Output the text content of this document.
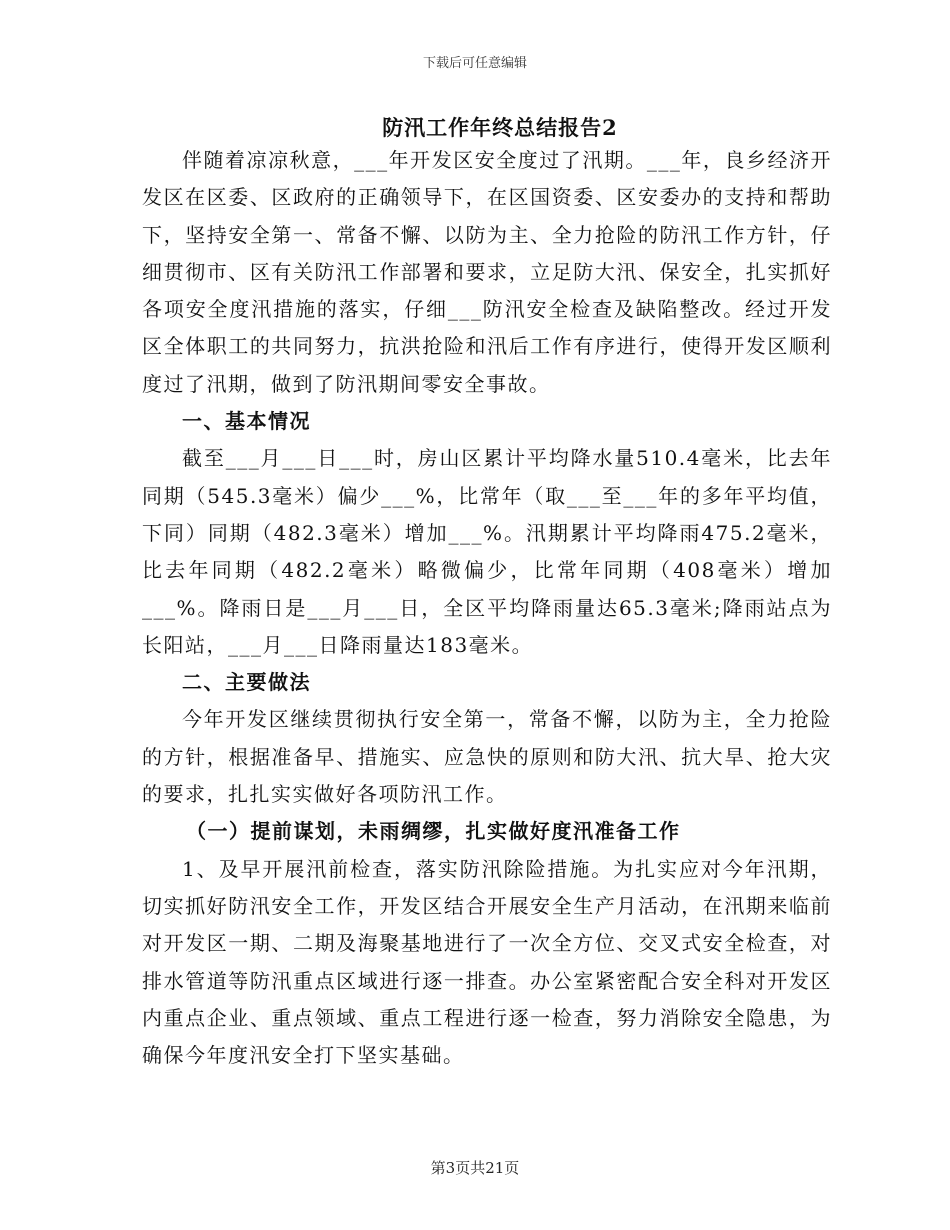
下载后可任意编辑
防汛工作年终总结报告2

伴随着凉凉秋意，___年开发区安全度过了汛期。___年，良乡经济开发区在区委、区政府的正确领导下，在区国资委、区安委办的支持和帮助下，坚持安全第一、常备不懈、以防为主、全力抢险的防汛工作方针，仔细贯彻市、区有关防汛工作部署和要求，立足防大汛、保安全，扎实抓好各项安全度汛措施的落实，仔细___防汛安全检查及缺陷整改。经过开发区全体职工的共同努力，抗洪抢险和汛后工作有序进行，使得开发区顺利度过了汛期，做到了防汛期间零安全事故。

一、基本情况

截至___月___日___时，房山区累计平均降水量510.4毫米，比去年同期（545.3毫米）偏少___%，比常年（取___至___年的多年平均值，下同）同期（482.3毫米）增加___%。汛期累计平均降雨475.2毫米，比去年同期（482.2毫米）略微偏少，比常年同期（408毫米）增加___%。降雨日是___月___日，全区平均降雨量达65.3毫米;降雨站点为长阳站，___月___日降雨量达183毫米。

二、主要做法

今年开发区继续贯彻执行安全第一，常备不懈，以防为主，全力抢险的方针，根据准备早、措施实、应急快的原则和防大汛、抗大旱、抢大灾的要求，扎扎实实做好各项防汛工作。

（一）提前谋划，未雨绸缪，扎实做好度汛准备工作

1、及早开展汛前检查，落实防汛除险措施。为扎实应对今年汛期，切实抓好防汛安全工作，开发区结合开展安全生产月活动，在汛期来临前对开发区一期、二期及海聚基地进行了一次全方位、交叉式安全检查，对排水管道等防汛重点区域进行逐一排查。办公室紧密配合安全科对开发区内重点企业、重点领域、重点工程进行逐一检查，努力消除安全隐患，为确保今年度汛安全打下坚实基础。

第3页共21页
